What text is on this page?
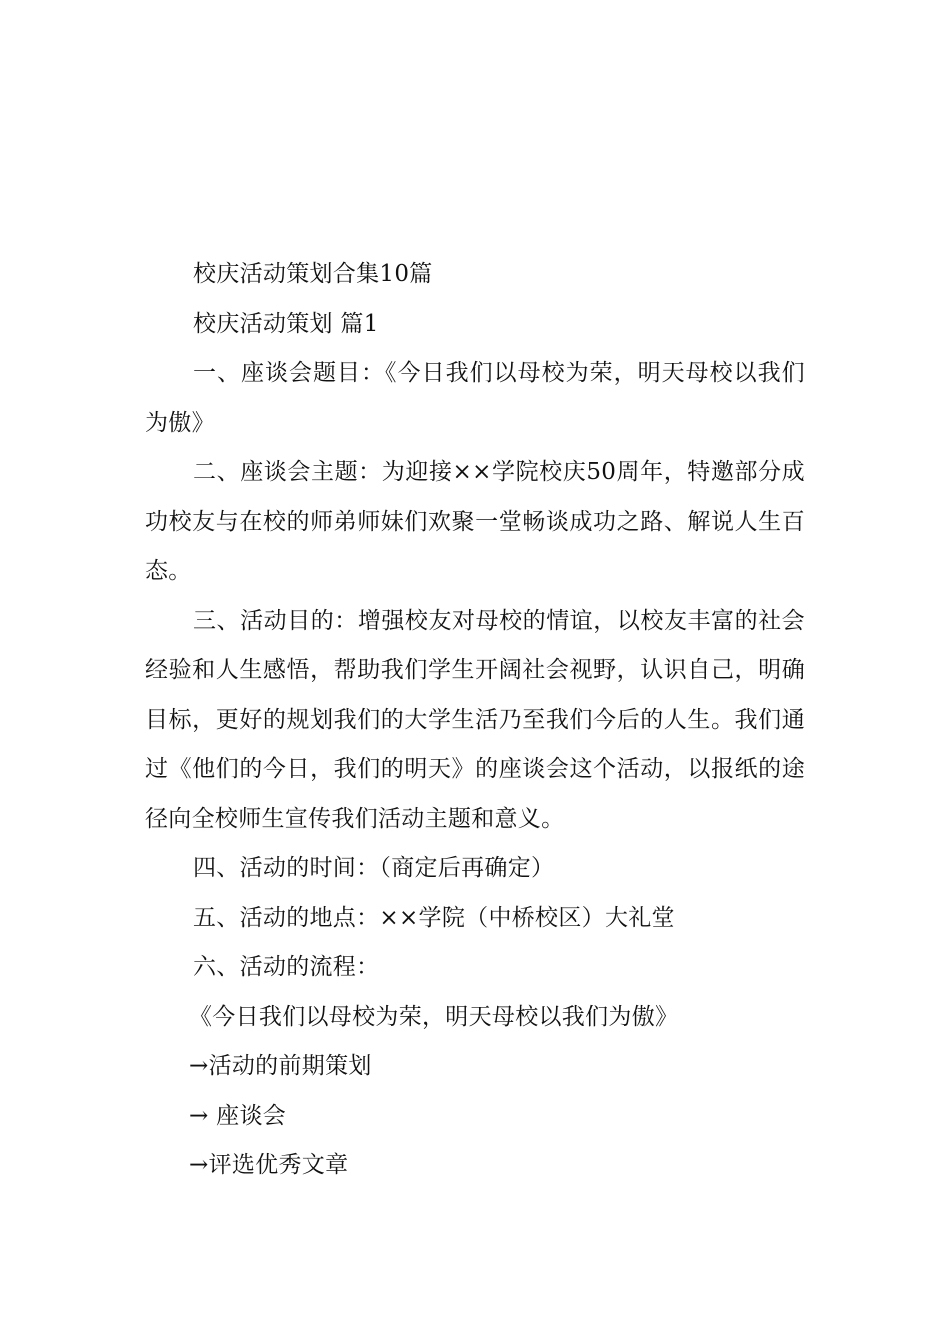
校庆活动策划合集10篇

校庆活动策划 篇1

一、座谈会题目：《今日我们以母校为荣，明天母校以我们为傲》

二、座谈会主题：为迎接××学院校庆50周年，特邀部分成功校友与在校的师弟师妹们欢聚一堂畅谈成功之路、解说人生百态。

三、活动目的：增强校友对母校的情谊，以校友丰富的社会经验和人生感悟，帮助我们学生开阔社会视野，认识自己，明确目标，更好的规划我们的大学生活乃至我们今后的人生。我们通过《他们的今日，我们的明天》的座谈会这个活动，以报纸的途径向全校师生宣传我们活动主题和意义。

四、活动的时间：（商定后再确定）

五、活动的地点：××学院（中桥校区）大礼堂

六、活动的流程：

《今日我们以母校为荣，明天母校以我们为傲》

→活动的前期策划

→ 座谈会

→评选优秀文章
